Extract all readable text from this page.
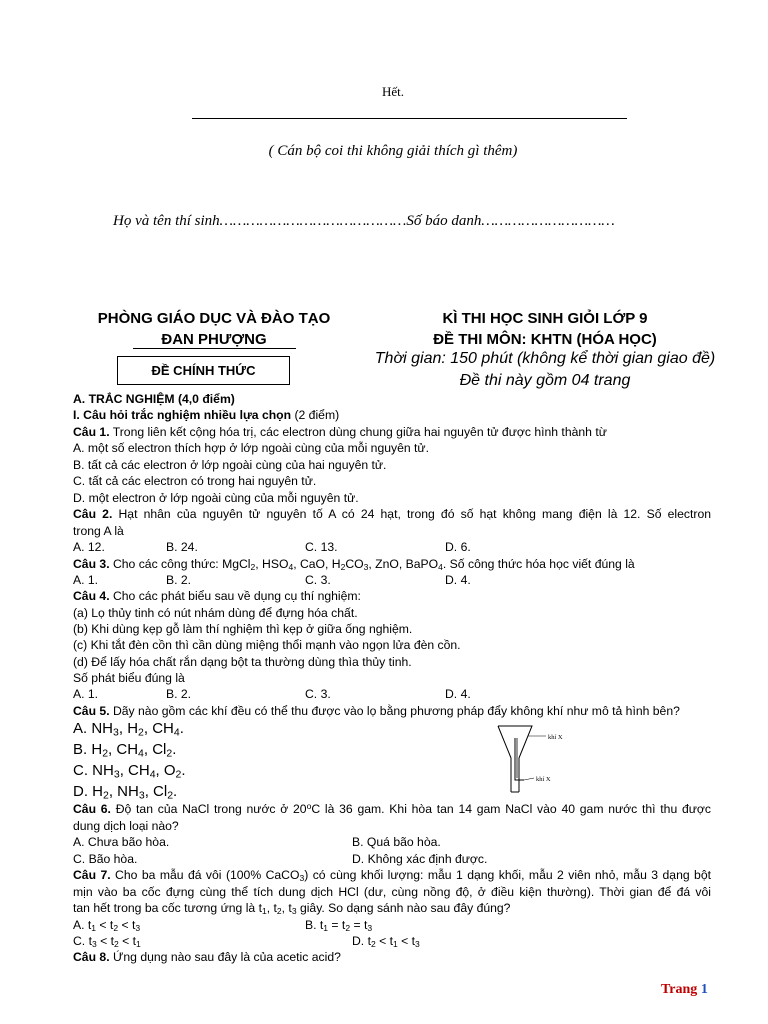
Hết.
( Cán bộ coi thi không giải thích gì thêm)
Họ và tên thí sinh……………………………………Số báo danh…………………………
PHÒNG GIÁO DỤC VÀ ĐÀO TẠO
ĐAN PHƯỢNG
ĐỀ CHÍNH THỨC
KÌ THI HỌC SINH GIỎI LỚP 9
ĐỀ THI MÔN: KHTN (HÓA HỌC)
Thời gian: 150 phút (không kể thời gian giao đề)
Đề thi này gồm 04 trang
A. TRẮC NGHIỆM (4,0 điểm)
I. Câu hỏi trắc nghiệm nhiều lựa chọn (2 điểm)
Câu 1. Trong liên kết cộng hóa trị, các electron dùng chung giữa hai nguyên tử được hình thành từ
A. một số electron thích hợp ở lớp ngoài cùng của mỗi nguyên tử.
B. tất cả các electron ở lớp ngoài cùng của hai nguyên tử.
C. tất cả các electron có trong hai nguyên tử.
D. một electron ở lớp ngoài cùng của mỗi nguyên tử.
Câu 2. Hạt nhân của nguyên tử nguyên tố A có 24 hạt, trong đó số hạt không mang điện là 12. Số electron
trong A là
A. 12.	B. 24.	C. 13.	D. 6.
Câu 3. Cho các công thức: MgCl$_2$, $HSO_4$, CaO, $H_2CO_3$, ZnO, BaPO$_4$. Số công thức hóa học viết đúng là
A. 1.	B. 2.	C. 3.	D. 4.
Câu 4. Cho các phát biểu sau về dụng cụ thí nghiệm:
(a) Lọ thủy tinh có nút nhám dùng để đựng hóa chất.
(b) Khi dùng kẹp gỗ làm thí nghiệm thì kẹp ở giữa ống nghiệm.
(c) Khi tắt đèn cồn thì cần dùng miệng thổi mạnh vào ngọn lửa đèn cồn.
(d) Để lấy hóa chất rắn dạng bột ta thường dùng thìa thủy tinh.
Số phát biểu đúng là
A. 1.	B. 2.	C. 3.	D. 4.
Câu 5. Dãy nào gồm các khí đều có thể thu được vào lọ bằng phương pháp đẩy không khí như mô tả hình bên?
A. $NH_3$, $H_2$, $CH_4$.
B. $H_2$, $CH_4$, $Cl_2$.
C. $NH_3$, $CH_4$, $O_2$.
D. $H_2$, $NH_3$, $Cl_2$.
khí X
khí X
Câu 6. Độ tan của NaCl trong nước ở 20$^o$C là 36 gam. Khi hòa tan 14 gam NaCl vào 40 gam nước thì thu được
dung dịch loại nào?
A. Chưa bão hòa.	B. Quá bão hòa.
C. Bão hòa.	D. Không xác định được.
Câu 7. Cho ba mẫu đá vôi (100% CaCO$_3$) có cùng khối lượng: mẫu 1 dạng khối, mẫu 2 viên nhỏ, mẫu 3 dạng bột
mịn vào ba cốc đựng cùng thể tích dung dịch HCl (dư, cùng nồng độ, ở điều kiện thường). Thời gian để đá vôi
tan hết trong ba cốc tương ứng là $t_1$, $t_2$, $t_3$ giây. So dạng sánh nào sau đây đúng?
A. $t_1 < t_2 < t_3$	B. $t_1 = t_2 = t_3$
C. $t_3 < t_2 < t_1$	D. $t_2 < t_1 < t_3$
Câu 8. Ứng dụng nào sau đây là của acetic acid?
Trang 1
